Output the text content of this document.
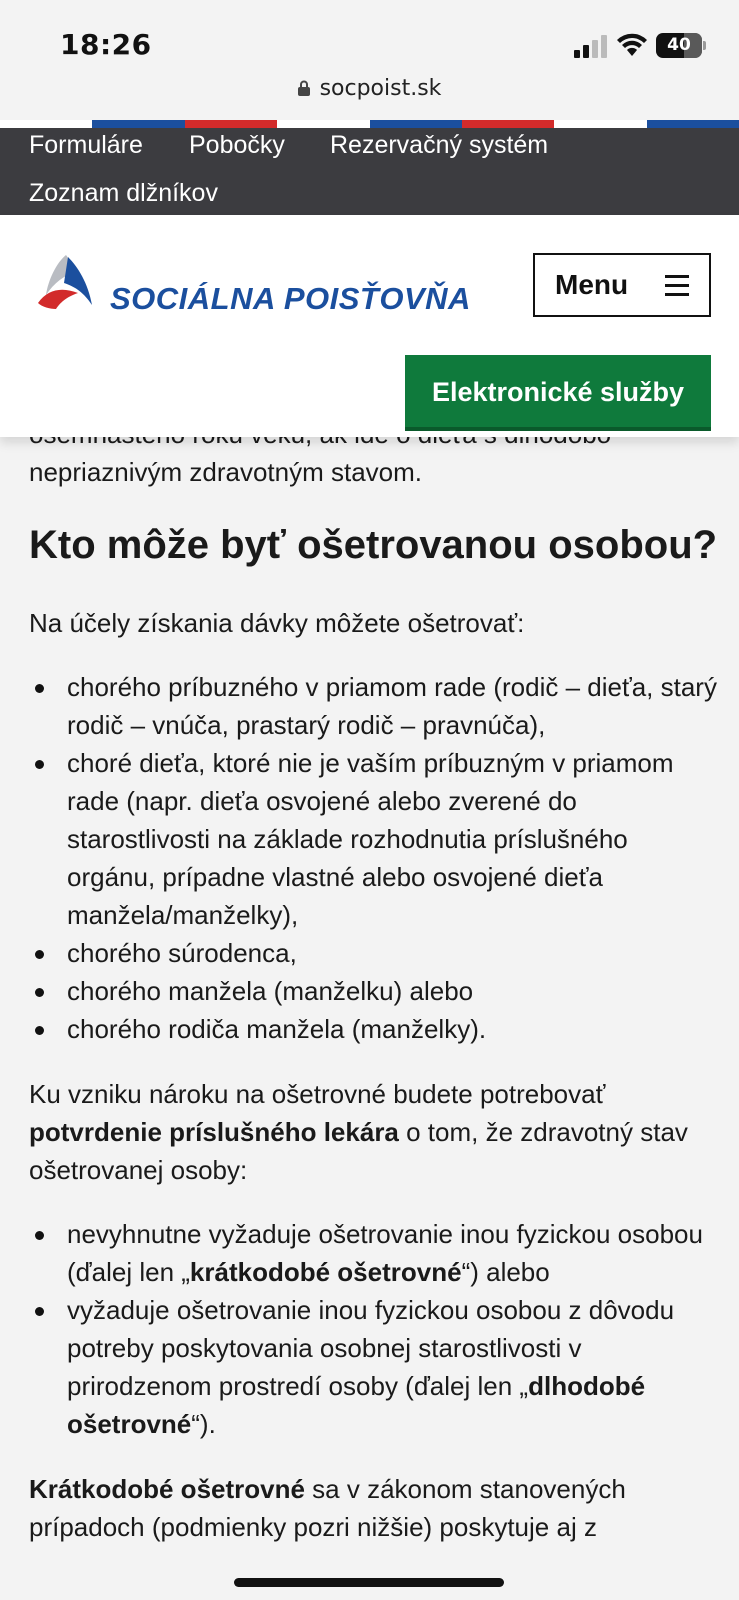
18:26	40
socpoist.sk
Formuláre Pobočky Rezervačný systém
Zoznam dlžníkov
SOCIÁLNA POISŤOVŇA	Menu
Elektronické služby

nepriaznivým zdravotným stavom.

Kto môže byť ošetrovanou osobou?

Na účely získania dávky môžete ošetrovať:

chorého príbuzného v priamom rade (rodič – dieťa, starý rodič – vnúča, prastarý rodič – pravnúča),
choré dieťa, ktoré nie je vaším príbuzným v priamom rade (napr. dieťa osvojené alebo zverené do starostlivosti na základe rozhodnutia príslušného orgánu, prípadne vlastné alebo osvojené dieťa manžela/manželky),
chorého súrodenca,
chorého manžela (manželku) alebo
chorého rodiča manžela (manželky).

Ku vzniku nároku na ošetrovné budete potrebovať potvrdenie príslušného lekára o tom, že zdravotný stav ošetrovanej osoby:

nevyhnutne vyžaduje ošetrovanie inou fyzickou osobou (ďalej len „krátkodobé ošetrovné“) alebo
vyžaduje ošetrovanie inou fyzickou osobou z dôvodu potreby poskytovania osobnej starostlivosti v prirodzenom prostredí osoby (ďalej len „dlhodobé ošetrovné“).

Krátkodobé ošetrovné sa v zákonom stanovených prípadoch (podmienky pozri nižšie) poskytuje aj z
